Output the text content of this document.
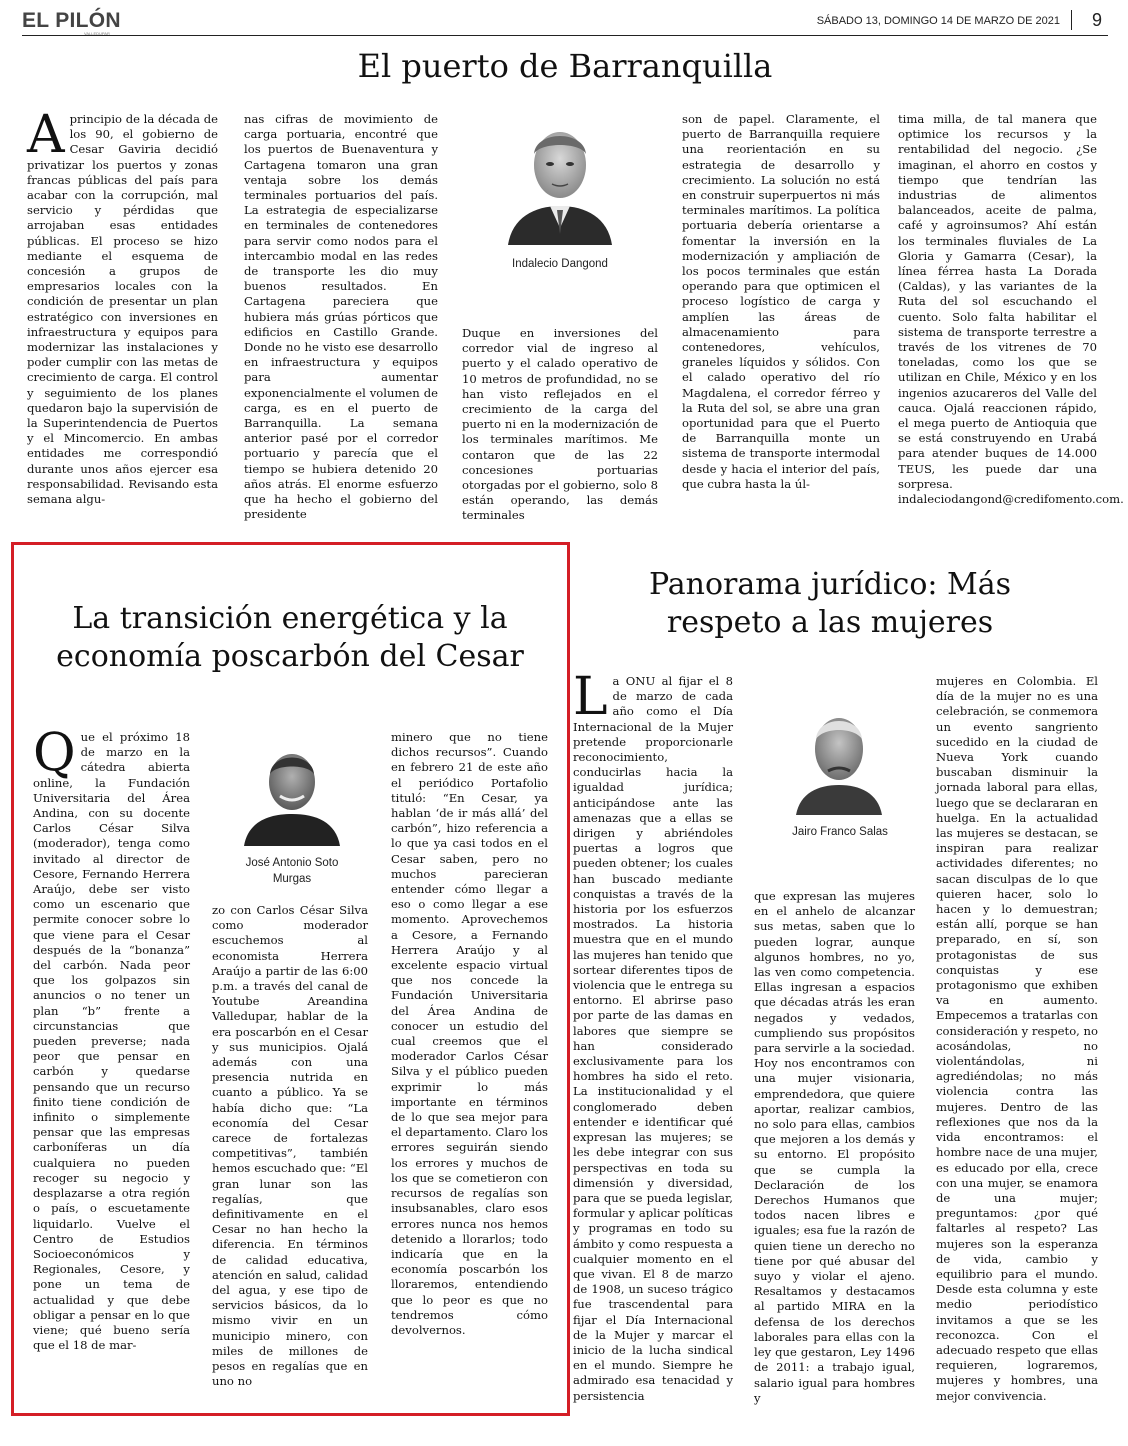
EL PILÓN
VALLEDUPAR
SÁBADO 13, DOMINGO 14 DE MARZO DE 2021 9
El puerto de Barranquilla
Aprincipio de la década de los 90, el gobierno de Cesar Gaviria decidió privatizar los puertos y zonas francas públicas del país para acabar con la corrupción, mal servicio y pérdidas que arrojaban esas entidades públicas. El proceso se hizo mediante el esquema de concesión a grupos de empresarios locales con la condición de presentar un plan estratégico con inversiones en infraestructura y equipos para modernizar las instalaciones y poder cumplir con las metas de crecimiento de carga. El control y seguimiento de los planes quedaron bajo la supervisión de la Superintendencia de Puertos y el Mincomercio. En ambas entidades me correspondió durante unos años ejercer esa responsabilidad. Revisando esta semana algu-
nas cifras de movimiento de carga portuaria, encontré que los puertos de Buenaventura y Cartagena tomaron una gran ventaja sobre los demás terminales portuarios del país. La estrategia de especializarse en terminales de contenedores para servir como nodos para el intercambio modal en las redes de transporte les dio muy buenos resultados. En Cartagena pareciera que hubiera más grúas pórticos que edificios en Castillo Grande. Donde no he visto ese desarrollo en infraestructura y equipos para aumentar exponencialmente el volumen de carga, es en el puerto de Barranquilla. La semana anterior pasé por el corredor portuario y parecía que el tiempo se hubiera detenido 20 años atrás. El enorme esfuerzo que ha hecho el gobierno del presidente
Indalecio Dangond
Duque en inversiones del corredor vial de ingreso al puerto y el calado operativo de 10 metros de profundidad, no se han visto reflejados en el crecimiento de la carga del puerto ni en la modernización de los terminales marítimos. Me contaron que de las 22 concesiones portuarias otorgadas por el gobierno, solo 8 están operando, las demás terminales
son de papel. Claramente, el puerto de Barranquilla requiere una reorientación en su estrategia de desarrollo y crecimiento. La solución no está en construir superpuertos ni más terminales marítimos. La política portuaria debería orientarse a fomentar la inversión en la modernización y ampliación de los pocos terminales que están operando para que optimicen el proceso logístico de carga y amplíen las áreas de almacenamiento para contenedores, vehículos, graneles líquidos y sólidos. Con el calado operativo del río Magdalena, el corredor férreo y la Ruta del sol, se abre una gran oportunidad para que el Puerto de Barranquilla monte un sistema de transporte intermodal desde y hacia el interior del país, que cubra hasta la úl-
tima milla, de tal manera que optimice los recursos y la rentabilidad del negocio. ¿Se imaginan, el ahorro en costos y tiempo que tendrían las industrias de alimentos balanceados, aceite de palma, café y agroinsumos? Ahí están los terminales fluviales de La Gloria y Gamarra (Cesar), la línea férrea hasta La Dorada (Caldas), y las variantes de la Ruta del sol escuchando el cuento. Solo falta habilitar el sistema de transporte terrestre a través de los vitrenes de 70 toneladas, como los que se utilizan en Chile, México y en los ingenios azucareros del Valle del cauca. Ojalá reaccionen rápido, el mega puerto de Antioquia que se está construyendo en Urabá para atender buques de 14.000 TEUS, les puede dar una sorpresa. indaleciodangond@credifomento.com.
La transición energética y la economía poscarbón del Cesar
Que el próximo 18 de marzo en la cátedra abierta online, la Fundación Universitaria del Área Andina, con su docente Carlos César Silva (moderador), tenga como invitado al director de Cesore, Fernando Herrera Araújo, debe ser visto como un escenario que permite conocer sobre lo que viene para el Cesar después de la “bonanza” del carbón. Nada peor que los golpazos sin anuncios o no tener un plan “b” frente a circunstancias que pueden preverse; nada peor que pensar en carbón y quedarse pensando que un recurso finito tiene condición de infinito o simplemente pensar que las empresas carboníferas un día cualquiera no pueden recoger su negocio y desplazarse a otra región o país, o escuetamente liquidarlo. Vuelve el Centro de Estudios Socioeconómicos y Regionales, Cesore, y pone un tema de actualidad y que debe obligar a pensar en lo que viene; qué bueno sería que el 18 de mar-
José Antonio Soto Murgas
zo con Carlos César Silva como moderador escuchemos al economista Herrera Araújo a partir de las 6:00 p.m. a través del canal de Youtube Areandina Valledupar, hablar de la era poscarbón en el Cesar y sus municipios. Ojalá además con una presencia nutrida en cuanto a público. Ya se había dicho que: “La economía del Cesar carece de fortalezas competitivas”, también hemos escuchado que: “El gran lunar son las regalías, que definitivamente en el Cesar no han hecho la diferencia. En términos de calidad educativa, atención en salud, calidad del agua, y ese tipo de servicios básicos, da lo mismo vivir en un municipio minero, con miles de millones de pesos en regalías que en uno no
minero que no tiene dichos recursos”. Cuando en febrero 21 de este año el periódico Portafolio tituló: “En Cesar, ya hablan ‘de ir más allá’ del carbón”, hizo referencia a lo que ya casi todos en el Cesar saben, pero no muchos parecieran entender cómo llegar a eso o como llegar a ese momento. Aprovechemos a Cesore, a Fernando Herrera Araújo y al excelente espacio virtual que nos concede la Fundación Universitaria del Área Andina de conocer un estudio del cual creemos que el moderador Carlos César Silva y el público pueden exprimir lo más importante en términos de lo que sea mejor para el departamento. Claro los errores seguirán siendo los errores y muchos de los que se cometieron con recursos de regalías son insubsanables, claro esos errores nunca nos hemos detenido a llorarlos; todo indicaría que en la economía poscarbón los lloraremos, entendiendo que lo peor es que no tendremos cómo devolvernos.
Panorama jurídico: Más respeto a las mujeres
La ONU al fijar el 8 de marzo de cada año como el Día Internacional de la Mujer pretende proporcionarle reconocimiento, conducirlas hacia la igualdad jurídica; anticipándose ante las amenazas que a ellas se dirigen y abriéndoles puertas a logros que pueden obtener; los cuales han buscado mediante conquistas a través de la historia por los esfuerzos mostrados. La historia muestra que en el mundo las mujeres han tenido que sortear diferentes tipos de violencia que le entrega su entorno. El abrirse paso por parte de las damas en labores que siempre se han considerado exclusivamente para los hombres ha sido el reto. La institucionalidad y el conglomerado deben entender e identificar qué expresan las mujeres; se les debe integrar con sus perspectivas en toda su dimensión y diversidad, para que se pueda legislar, formular y aplicar políticas y programas en todo su ámbito y como respuesta a cualquier momento en el que vivan. El 8 de marzo de 1908, un suceso trágico fue trascendental para fijar el Día Internacional de la Mujer y marcar el inicio de la lucha sindical en el mundo. Siempre he admirado esa tenacidad y persistencia
Jairo Franco Salas
que expresan las mujeres en el anhelo de alcanzar sus metas, saben que lo pueden lograr, aunque algunos hombres, no yo, las ven como competencia. Ellas ingresan a espacios que décadas atrás les eran negados y vedados, cumpliendo sus propósitos para servirle a la sociedad. Hoy nos encontramos con una mujer visionaria, emprendedora, que quiere aportar, realizar cambios, no solo para ellas, cambios que mejoren a los demás y su entorno. El propósito que se cumpla la Declaración de los Derechos Humanos que todos nacen libres e iguales; esa fue la razón de quien tiene un derecho no tiene por qué abusar del suyo y violar el ajeno. Resaltamos y destacamos al partido MIRA en la defensa de los derechos laborales para ellas con la ley que gestaron, Ley 1496 de 2011: a trabajo igual, salario igual para hombres y
mujeres en Colombia. El día de la mujer no es una celebración, se conmemora un evento sangriento sucedido en la ciudad de Nueva York cuando buscaban disminuir la jornada laboral para ellas, luego que se declararan en huelga. En la actualidad las mujeres se destacan, se inspiran para realizar actividades diferentes; no sacan disculpas de lo que quieren hacer, solo lo hacen y lo demuestran; están allí, porque se han preparado, en sí, son protagonistas de sus conquistas y ese protagonismo que exhiben va en aumento. Empecemos a tratarlas con consideración y respeto, no acosándolas, no violentándolas, ni agrediéndolas; no más violencia contra las mujeres. Dentro de las reflexiones que nos da la vida encontramos: el hombre nace de una mujer, es educado por ella, crece con una mujer, se enamora de una mujer; preguntamos: ¿por qué faltarles al respeto? Las mujeres son la esperanza de vida, cambio y equilibrio para el mundo. Desde esta columna y este medio periodístico invitamos a que se les reconozca. Con el adecuado respeto que ellas requieren, lograremos, mujeres y hombres, una mejor convivencia.
